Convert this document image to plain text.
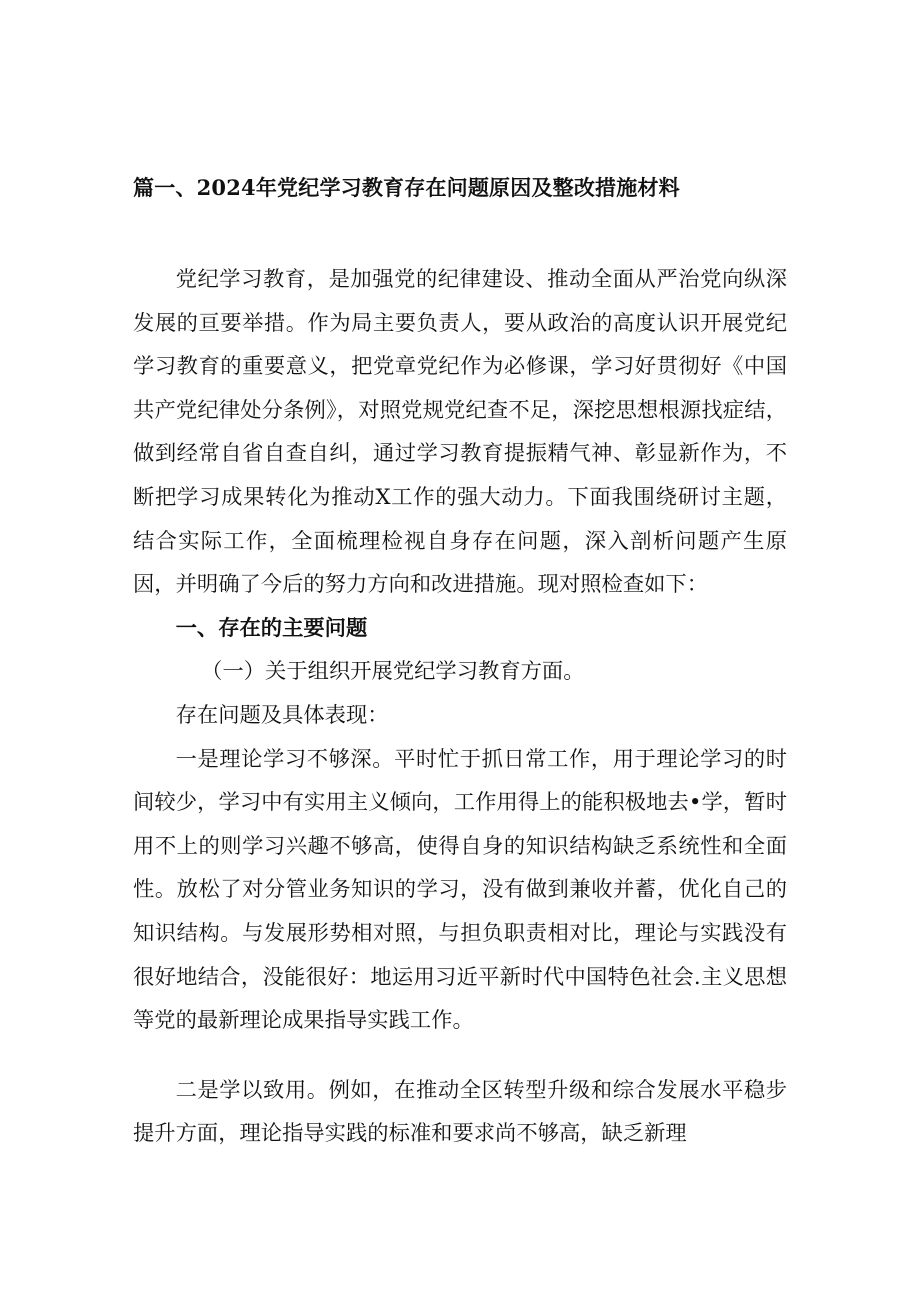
篇一、2024年党纪学习教育存在问题原因及整改措施材料

党纪学习教育，是加强党的纪律建设、推动全面从严治党向纵深发展的亘要举措。作为局主要负责人，要从政治的高度认识开展党纪学习教育的重要意义，把党章党纪作为必修课，学习好贯彻好《中国共产党纪律处分条例》，对照党规党纪查不足，深挖思想根源找症结，做到经常自省自查自纠，通过学习教育提振精气神、彰显新作为，不断把学习成果转化为推动X工作的强大动力。下面我围绕研讨主题，结合实际工作，全面梳理检视自身存在问题，深入剖析问题产生原因，并明确了今后的努力方向和改进措施。现对照检查如下：

一、存在的主要问题

（一）关于组织开展党纪学习教育方面。

存在问题及具体表现：

一是理论学习不够深。平时忙于抓日常工作，用于理论学习的时间较少，学习中有实用主义倾向，工作用得上的能积极地去•学，暂时用不上的则学习兴趣不够高，使得自身的知识结构缺乏系统性和全面性。放松了对分管业务知识的学习，没有做到兼收并蓄，优化自己的知识结构。与发展形势相对照，与担负职责相对比，理论与实践没有很好地结合，没能很好：地运用习近平新时代中国特色社会.主义思想等党的最新理论成果指导实践工作。

二是学以致用。例如，在推动全区转型升级和综合发展水平稳步提升方面，理论指导实践的标准和要求尚不够高，缺乏新理
